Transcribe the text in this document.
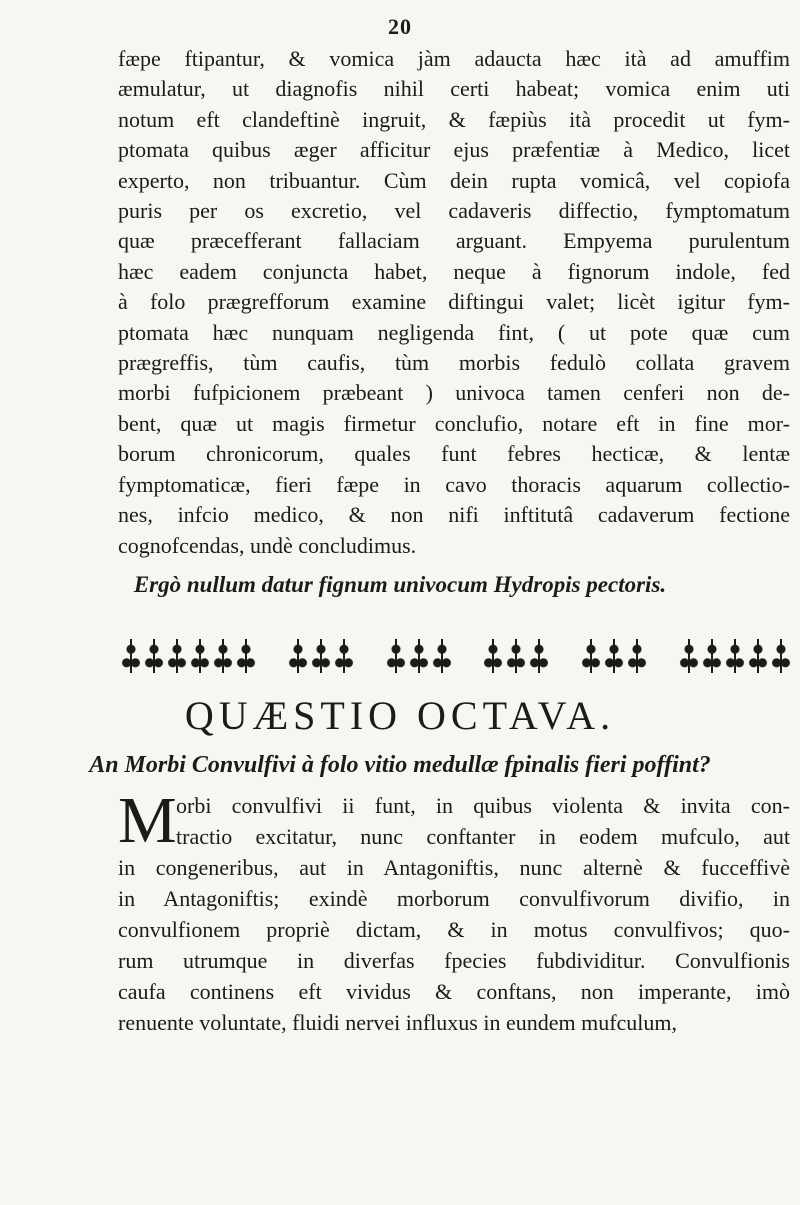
20
fæpe ftipantur, & vomica jàm adaucta hæc ità ad amuffim
æmulatur, ut diagnofis nihil certi habeat; vomica enim uti
notum eft clandeftinè ingruit, & fæpiùs ità procedit ut fym-
ptomata quibus æger afficitur ejus præfentiæ à Medico, licet
experto, non tribuantur. Cùm dein rupta vomicâ, vel copiofa
puris per os excretio, vel cadaveris diffectio, fymptomatum
quæ præcefferant fallaciam arguant. Empyema purulentum
hæc eadem conjuncta habet, neque à fignorum indole, fed
à folo prægrefforum examine diftingui valet; licèt igitur fym-
ptomata hæc nunquam negligenda fint, ( ut pote quæ cum
prægreffis, tùm caufis, tùm morbis fedulò collata gravem
morbi fufpicionem præbeant ) univoca tamen cenferi non de-
bent, quæ ut magis firmetur conclufio, notare eft in fine mor-
borum chronicorum, quales funt febres hecticæ, & lentæ
fymptomaticæ, fieri fæpe in cavo thoracis aquarum collectio-
nes, infcio medico, & non nifi inftitutâ cadaverum fectione
cognofcendas, undè concludimus.
Ergò nullum datur fignum univocum Hydropis pectoris.
QUÆSTIO OCTAVA.
An Morbi Convulfivi à folo vitio medullæ fpinalis fieri poffint?
M orbi convulfivi ii funt, in quibus violenta & invita con-
tractio excitatur, nunc conftanter in eodem mufculo, aut
in congeneribus, aut in Antagoniftis, nunc alternè & fucceffivè
in Antagoniftis; exindè morborum convulfivorum divifio, in
convulfionem propriè dictam, & in motus convulfivos; quo-
rum utrumque in diverfas fpecies fubdividitur. Convulfionis
caufa continens eft vividus & conftans, non imperante, imò
renuente voluntate, fluidi nervei influxus in eundem mufculum,
